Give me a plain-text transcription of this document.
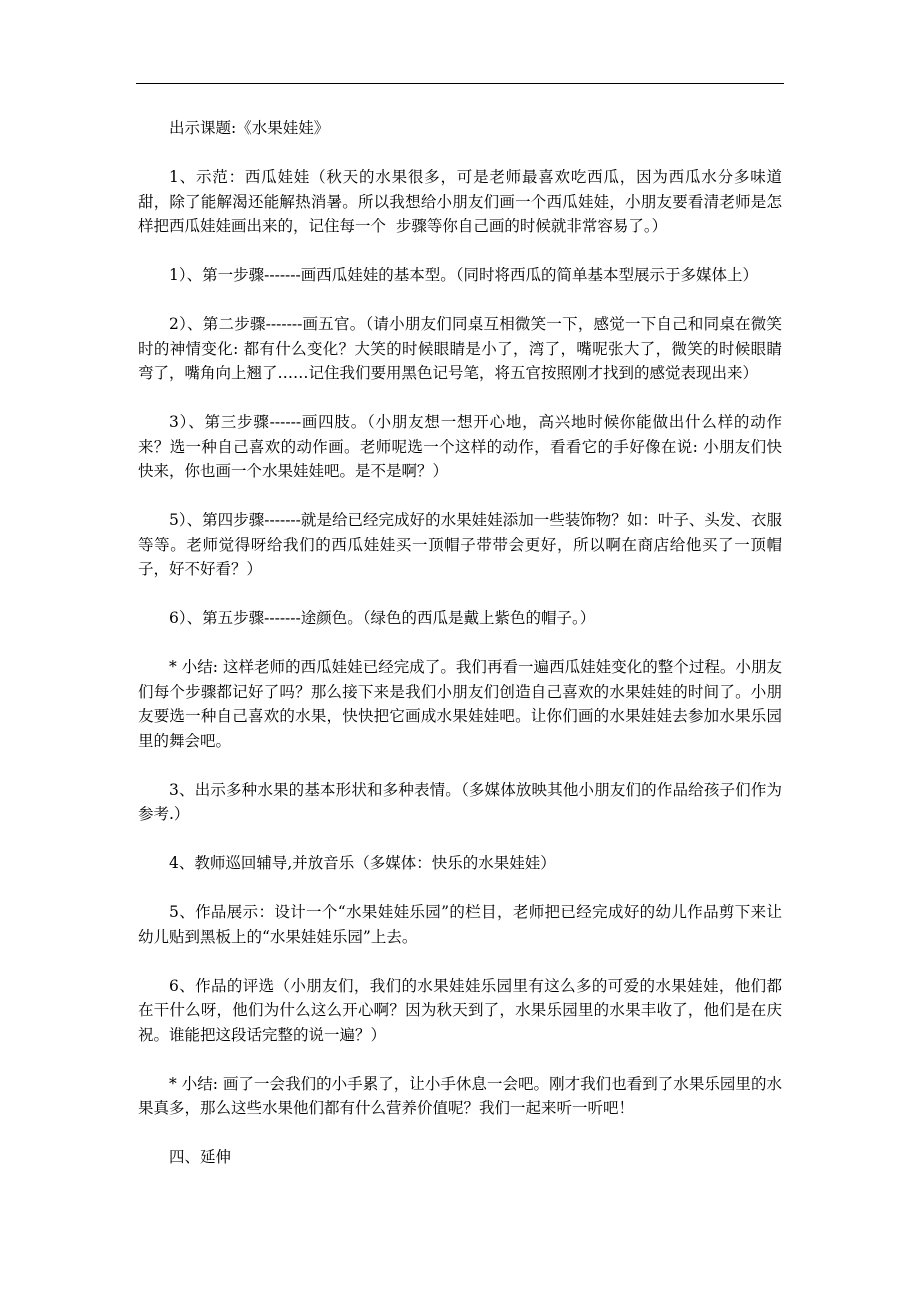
出示课题:《水果娃娃》

1、示范：西瓜娃娃（秋天的水果很多，可是老师最喜欢吃西瓜，因为西瓜水分多味道甜，除了能解渴还能解热消暑。所以我想给小朋友们画一个西瓜娃娃，小朋友要看清老师是怎样把西瓜娃娃画出来的，记住每一个  步骤等你自己画的时候就非常容易了。）

1）、第一步骤-------画西瓜娃娃的基本型。（同时将西瓜的简单基本型展示于多媒体上）

2）、第二步骤-------画五官。（请小朋友们同桌互相微笑一下，感觉一下自己和同桌在微笑时的神情变化: 都有什么变化？大笑的时候眼睛是小了，湾了，嘴呢张大了，微笑的时候眼睛弯了，嘴角向上翘了……记住我们要用黑色记号笔，将五官按照刚才找到的感觉表现出来）

3）、第三步骤------画四肢。（小朋友想一想开心地，高兴地时候你能做出什么样的动作来？选一种自己喜欢的动作画。老师呢选一个这样的动作，看看它的手好像在说: 小朋友们快快来，你也画一个水果娃娃吧。是不是啊？）

5）、第四步骤-------就是给已经完成好的水果娃娃添加一些装饰物？如：叶子、头发、衣服等等。老师觉得呀给我们的西瓜娃娃买一顶帽子带带会更好，所以啊在商店给他买了一顶帽子，好不好看？）

6）、第五步骤-------途颜色。（绿色的西瓜是戴上紫色的帽子。）

* 小结: 这样老师的西瓜娃娃已经完成了。我们再看一遍西瓜娃娃变化的整个过程。小朋友们每个步骤都记好了吗？那么接下来是我们小朋友们创造自己喜欢的水果娃娃的时间了。小朋友要选一种自己喜欢的水果，快快把它画成水果娃娃吧。让你们画的水果娃娃去参加水果乐园里的舞会吧。

3、出示多种水果的基本形状和多种表情。（多媒体放映其他小朋友们的作品给孩子们作为参考.）

4、教师巡回辅导,并放音乐（多媒体：快乐的水果娃娃）

5、作品展示：设计一个“水果娃娃乐园”的栏目，老师把已经完成好的幼儿作品剪下来让幼儿贴到黑板上的“水果娃娃乐园”上去。

6、作品的评选（小朋友们，我们的水果娃娃乐园里有这么多的可爱的水果娃娃，他们都在干什么呀，他们为什么这么开心啊？因为秋天到了，水果乐园里的水果丰收了，他们是在庆祝。谁能把这段话完整的说一遍？）

* 小结: 画了一会我们的小手累了，让小手休息一会吧。刚才我们也看到了水果乐园里的水果真多，那么这些水果他们都有什么营养价值呢？我们一起来听一听吧！

四、延伸
